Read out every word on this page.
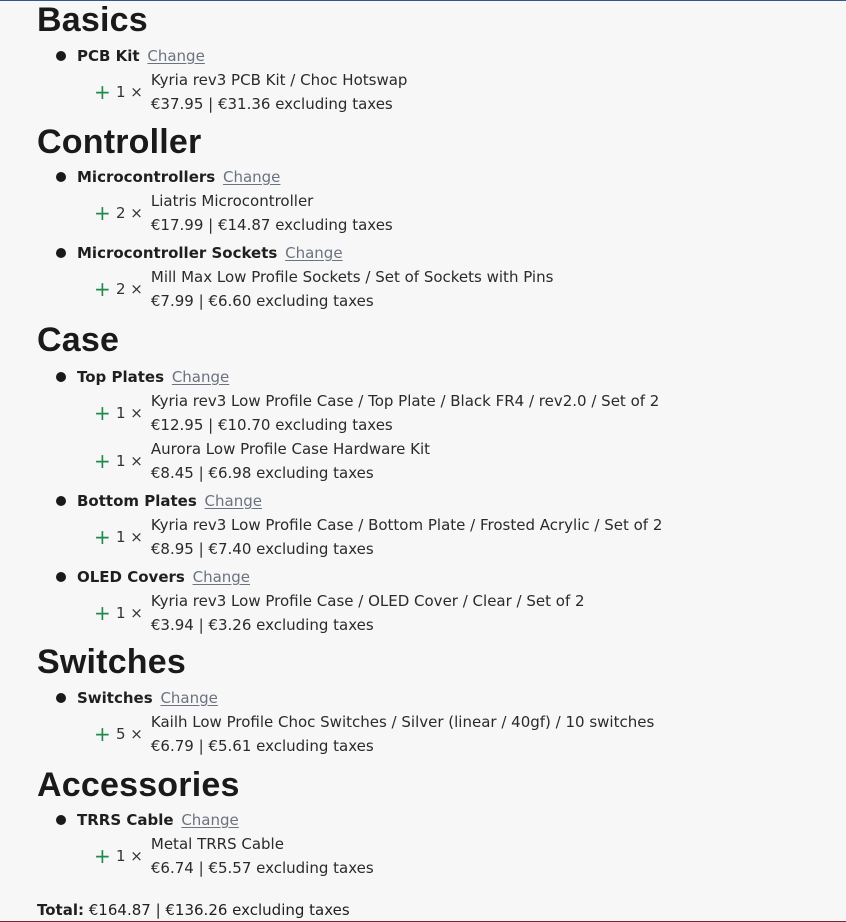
Basics
PCB Kit Change
+ 1 ×
Kyria rev3 PCB Kit / Choc Hotswap
€37.95 | €31.36 excluding taxes
Controller
Microcontrollers Change
+ 2 ×
Liatris Microcontroller
€17.99 | €14.87 excluding taxes
Microcontroller Sockets Change
+ 2 ×
Mill Max Low Profile Sockets / Set of Sockets with Pins
€7.99 | €6.60 excluding taxes
Case
Top Plates Change
+ 1 ×
Kyria rev3 Low Profile Case / Top Plate / Black FR4 / rev2.0 / Set of 2
€12.95 | €10.70 excluding taxes
+ 1 ×
Aurora Low Profile Case Hardware Kit
€8.45 | €6.98 excluding taxes
Bottom Plates Change
+ 1 ×
Kyria rev3 Low Profile Case / Bottom Plate / Frosted Acrylic / Set of 2
€8.95 | €7.40 excluding taxes
OLED Covers Change
+ 1 ×
Kyria rev3 Low Profile Case / OLED Cover / Clear / Set of 2
€3.94 | €3.26 excluding taxes
Switches
Switches Change
+ 5 ×
Kailh Low Profile Choc Switches / Silver (linear / 40gf) / 10 switches
€6.79 | €5.61 excluding taxes
Accessories
TRRS Cable Change
+ 1 ×
Metal TRRS Cable
€6.74 | €5.57 excluding taxes
Total: €164.87 | €136.26 excluding taxes
